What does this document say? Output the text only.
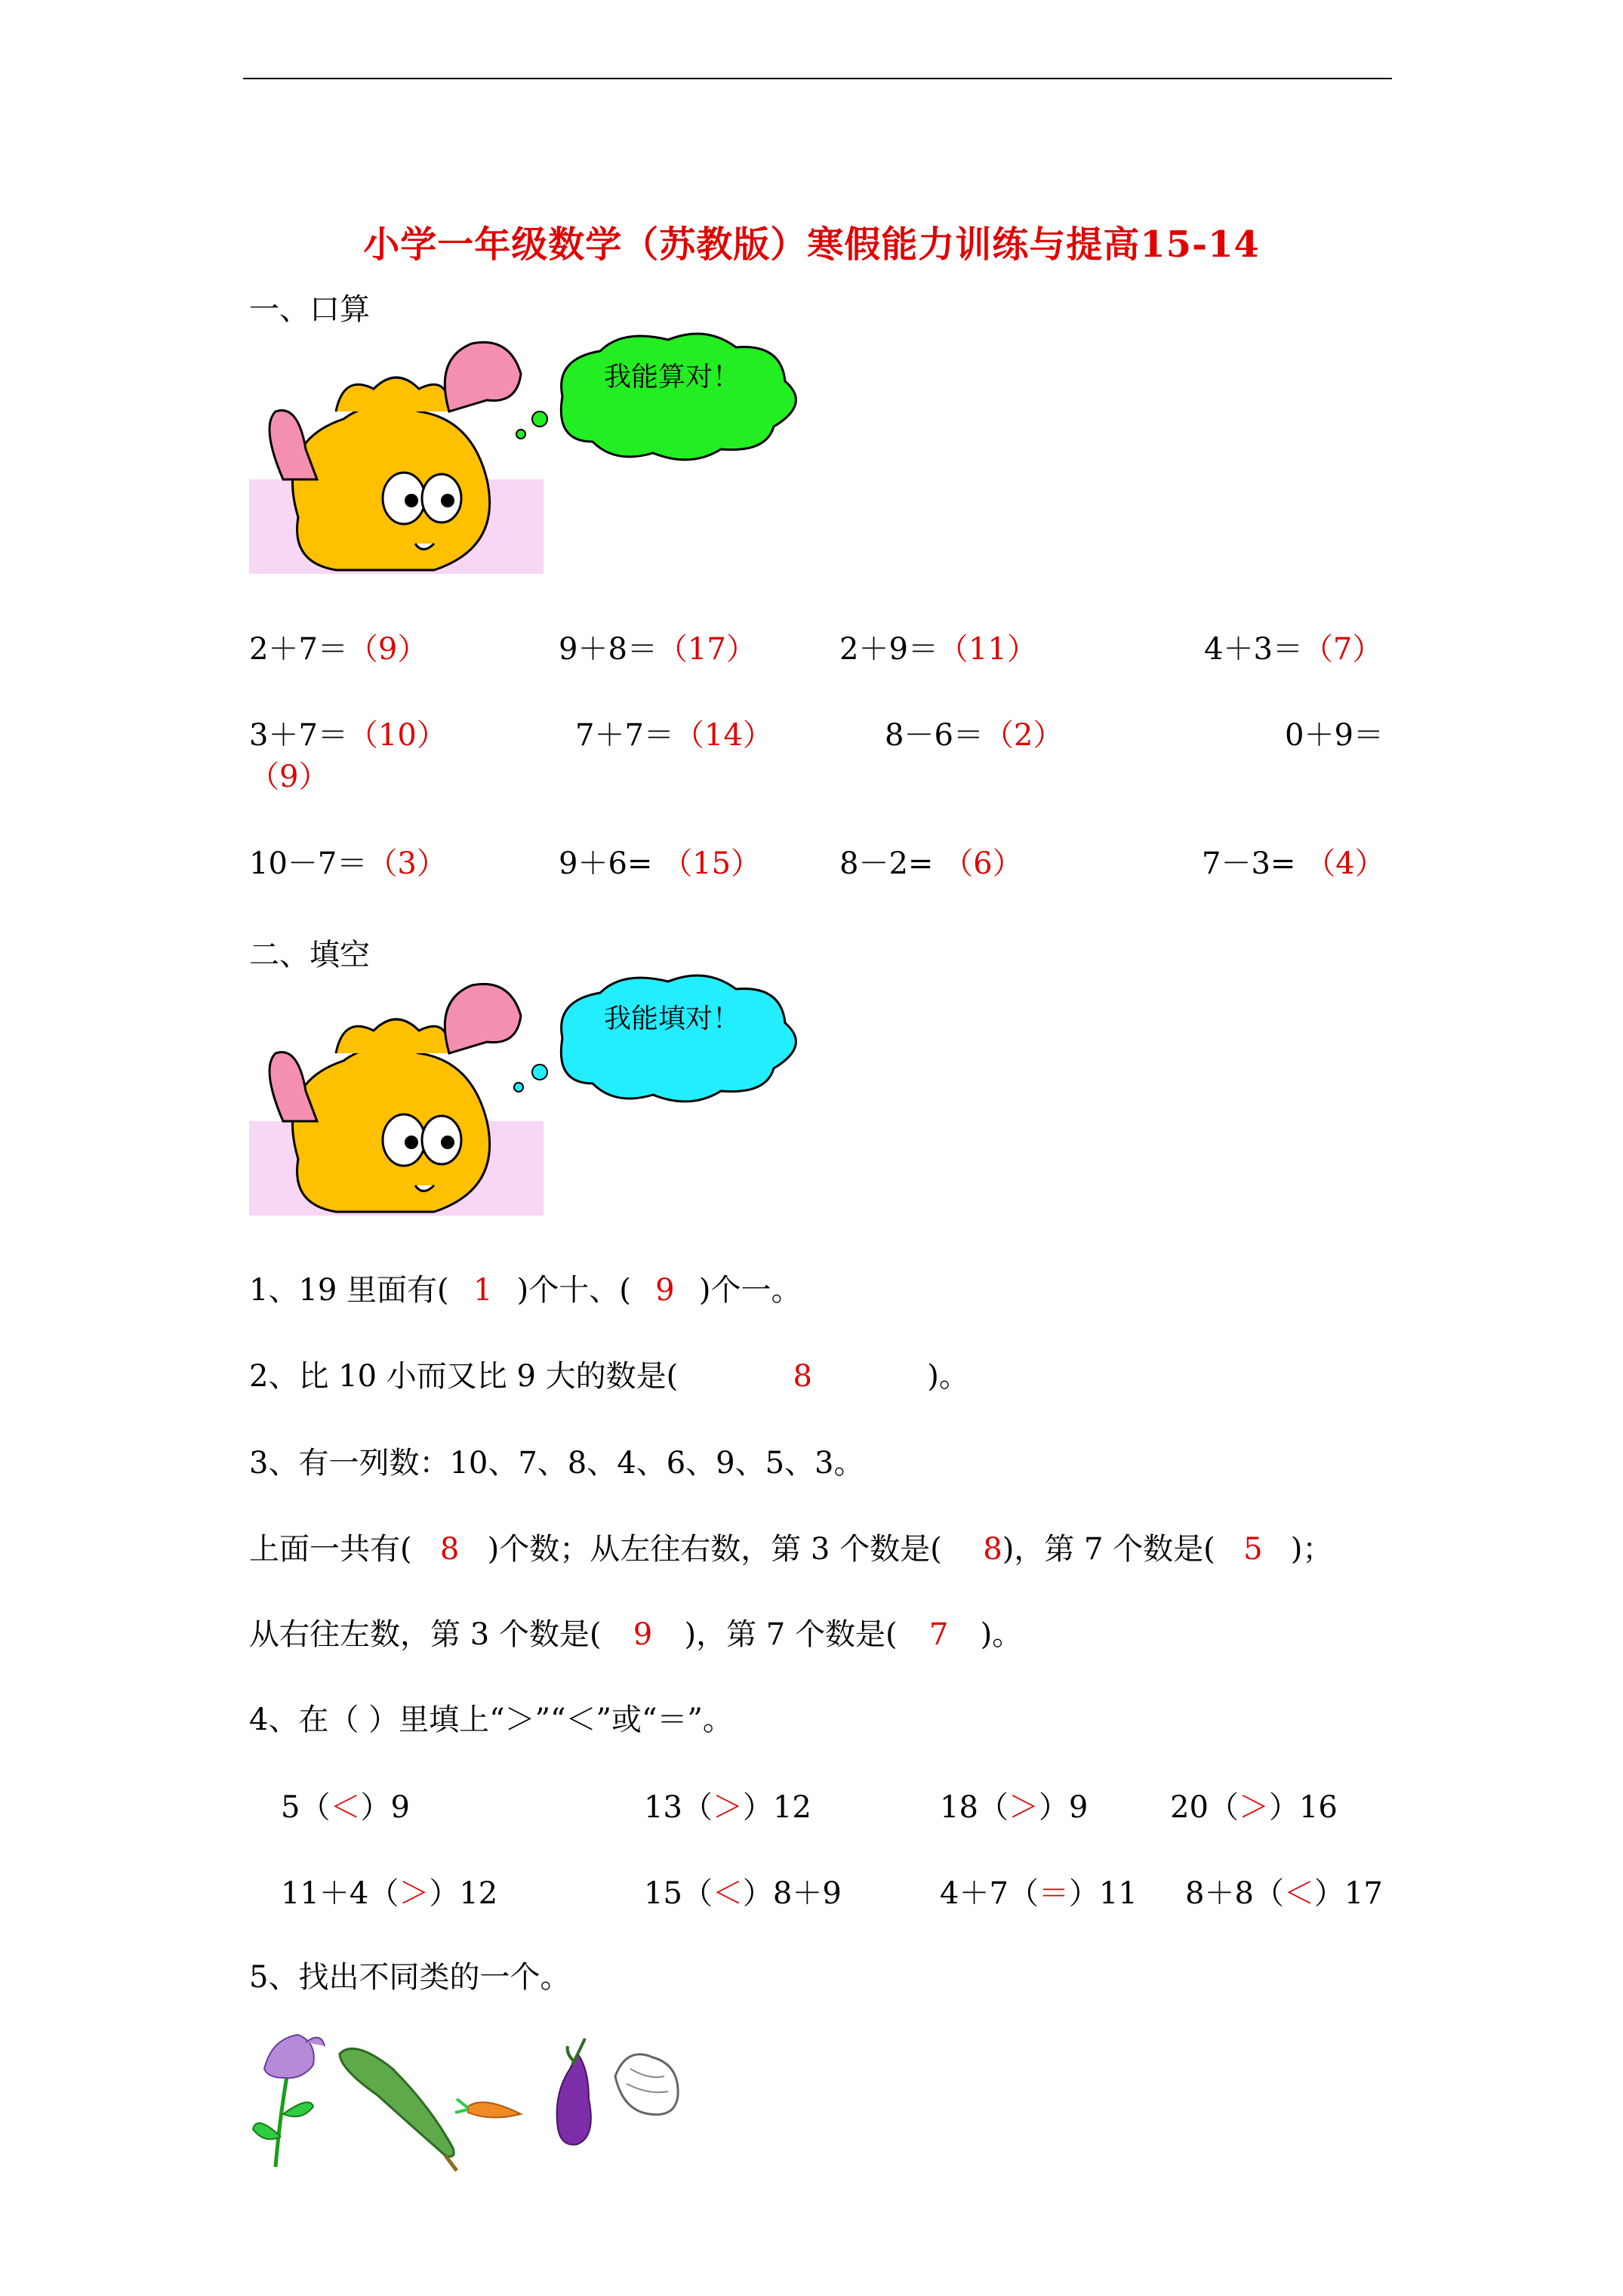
小学一年级数学（苏教版）寒假能力训练与提高15-14
一、口算
我能算对！
2＋7＝（9）	9＋8＝（17）	2＋9＝（11）	4＋3＝（7）
3＋7＝（10）	7＋7＝（14）	8－6＝（2）	0＋9＝
（9）
10－7＝（3）	9＋6= （15）	8－2= （6）	7－3= （4）
二、填空
我能填对！
1、19 里面有( 1 )个十、( 9 )个一。
2、比 10 小而又比 9 大的数是(	8	)。
3、有一列数：10、7、8、4、6、9、5、3。
上面一共有( 8 )个数；从左往右数，第 3 个数是( 8)，第 7 个数是( 5 )；
从右往左数，第 3 个数是( 9 )，第 7 个数是( 7 )。
4、在（ ）里填上“＞”“＜”或“＝”。
5（＜）9	13（＞）12	18（＞）9	20（＞）16
11＋4（＞）12	15（＜）8＋9	4＋7（＝）11 8＋8（＜）17
5、找出不同类的一个。
